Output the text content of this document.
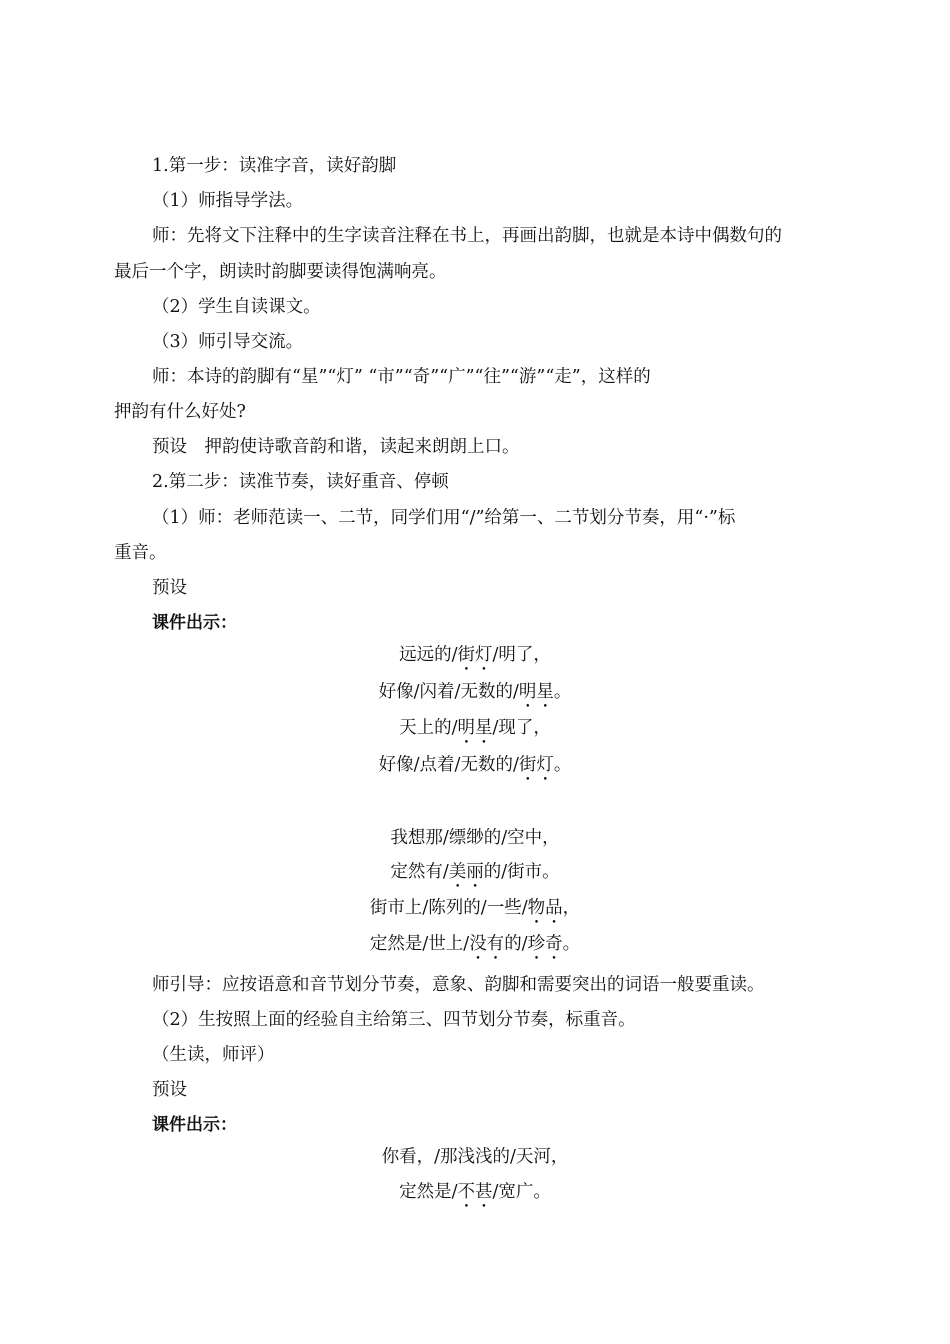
1.第一步：读准字音，读好韵脚

（1）师指导学法。

师：先将文下注释中的生字读音注释在书上，再画出韵脚，也就是本诗中偶数句的

最后一个字，朗读时韵脚要读得饱满响亮。

（2）学生自读课文。

（3）师引导交流。

师：本诗的韵脚有“星”“灯” “市”“奇”“广”“往”“游”“走”，这样的

押韵有什么好处?

预设　押韵使诗歌音韵和谐，读起来朗朗上口。

2.第二步：读准节奏，读好重音、停顿

（1）师：老师范读一、二节，同学们用“/”给第一、二节划分节奏，用“·”标

重音。

预设

课件出示：

远远的/街灯/明了，

好像/闪着/无数的/明星。

天上的/明星/现了，

好像/点着/无数的/街灯。

我想那/缥缈的/空中，

定然有/美丽的/街市。

街市上/陈列的/一些/物品，

定然是/世上/没有的/珍奇。

师引导：应按语意和音节划分节奏，意象、韵脚和需要突出的词语一般要重读。

（2）生按照上面的经验自主给第三、四节划分节奏，标重音。

（生读，师评）

预设

课件出示：

你看，/那浅浅的/天河，

定然是/不甚/宽广。
